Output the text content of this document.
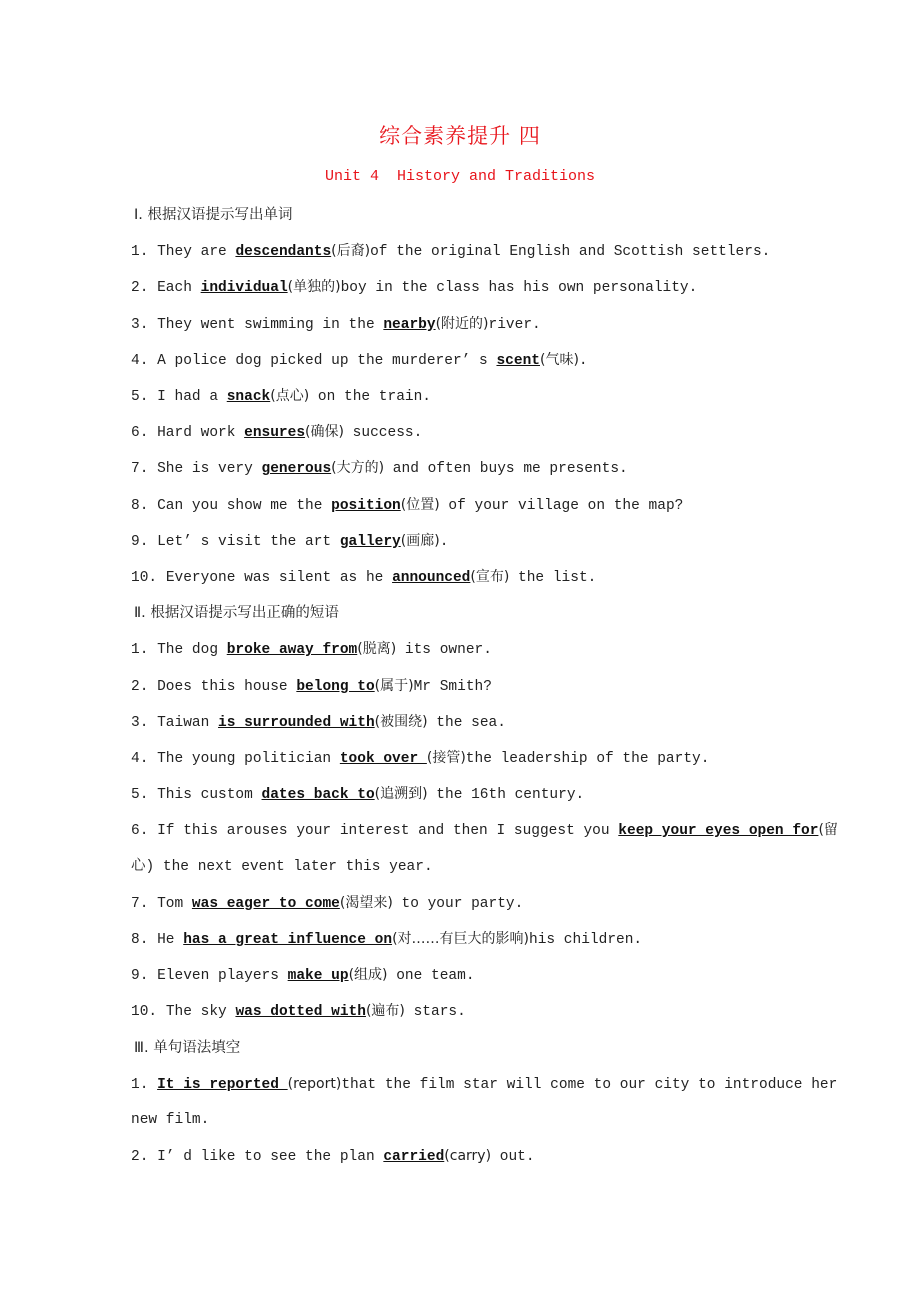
综合素养提升 四
Unit 4  History and Traditions
Ⅰ. 根据汉语提示写出单词
1. They are descendants(后裔)of the original English and Scottish settlers.
2. Each individual(单独的)boy in the class has his own personality.
3. They went swimming in the nearby(附近的)river.
4. A police dog picked up the murderer’ s scent(气味).
5. I had a snack(点心) on the train.
6. Hard work ensures(确保) success.
7. She is very generous(大方的) and often buys me presents.
8. Can you show me the position(位置) of your village on the map?
9. Let’ s visit the art gallery(画廊).
10. Everyone was silent as he announced(宣布) the list.
Ⅱ. 根据汉语提示写出正确的短语
1. The dog broke away from(脱离) its owner.
2. Does this house belong to(属于)Mr Smith?
3. Taiwan is surrounded with(被围绕) the sea.
4. The young politician took over (接管)the leadership of the party.
5. This custom dates back to(追溯到) the 16th century.
6. If this arouses your interest and then I suggest you keep your eyes open for(留
心) the next event later this year.
7. Tom was eager to come(渴望来) to your party.
8. He has a great influence on(对……有巨大的影响)his children.
9. Eleven players make up(组成) one team.
10. The sky was dotted with(遍布) stars.
Ⅲ. 单句语法填空
1. It is reported (report)that the film star will come to our city to introduce her
new film.
2. I’ d like to see the plan carried(carry) out.
